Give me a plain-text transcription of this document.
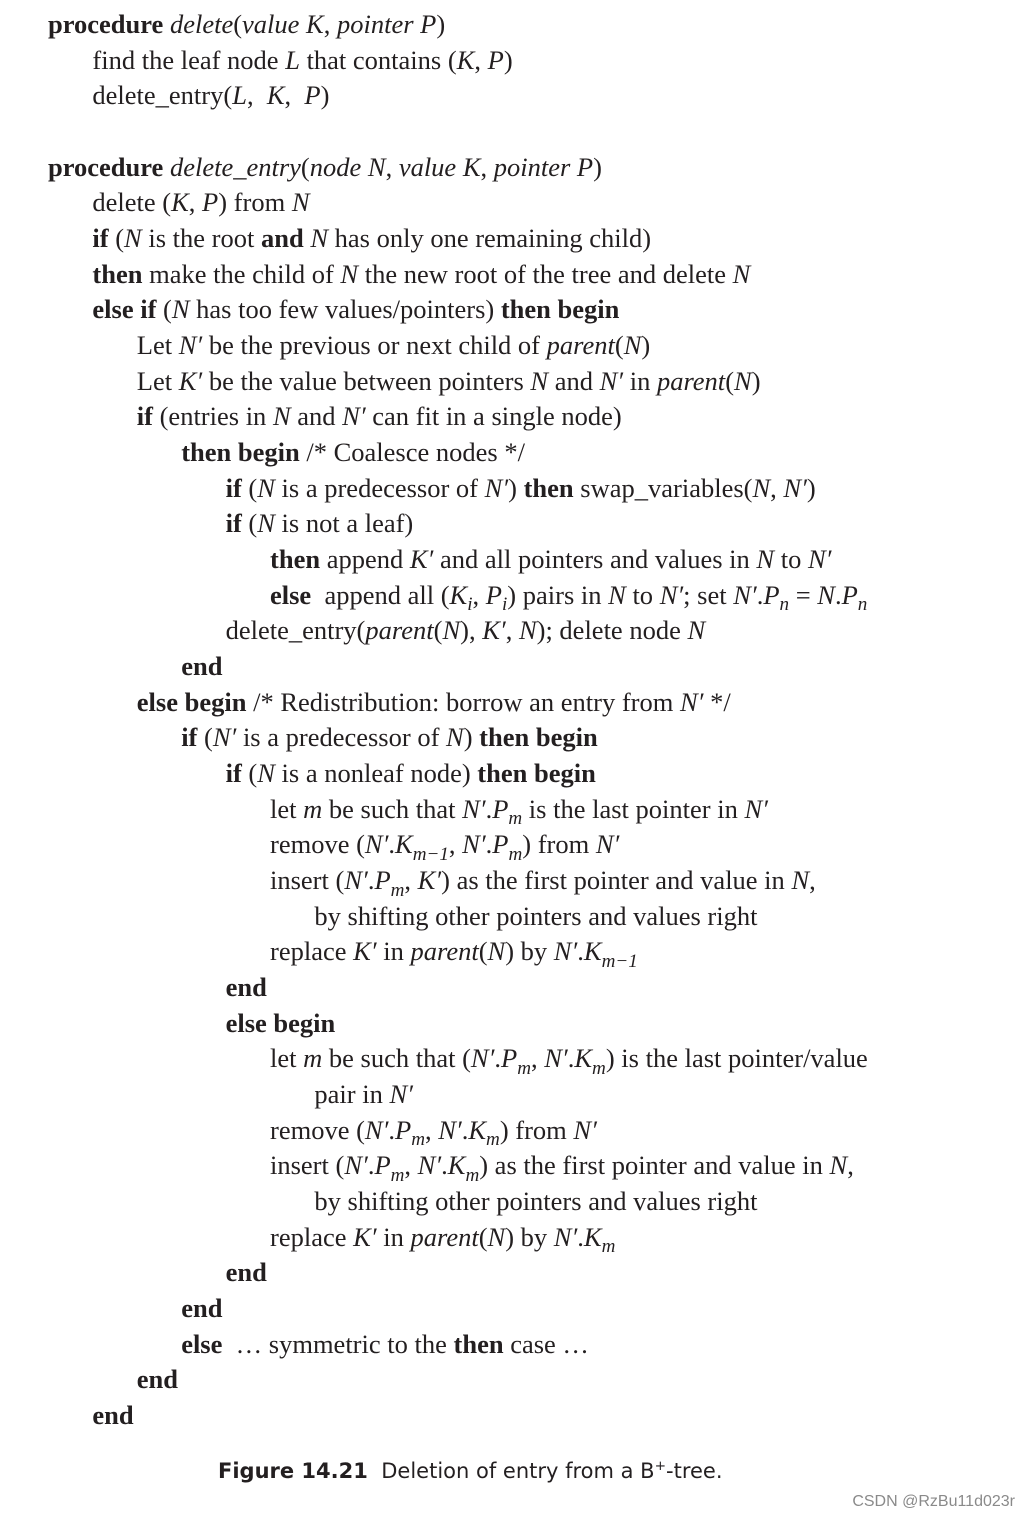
procedure delete(value K, pointer P)
find the leaf node L that contains (K, P)
delete_entry(L,  K,  P)
procedure delete_entry(node N, value K, pointer P)
delete (K, P) from N
if (N is the root and N has only one remaining child)
then make the child of N the new root of the tree and delete N
else if (N has too few values/pointers) then begin
Let N′ be the previous or next child of parent(N)
Let K′ be the value between pointers N and N′ in parent(N)
if (entries in N and N′ can fit in a single node)
then begin /* Coalesce nodes */
if (N is a predecessor of N′) then swap_variables(N, N′)
if (N is not a leaf)
then append K′ and all pointers and values in N to N′
else  append all ($K_i$, $P_i$) pairs in N to N′; set $N'.P_n = N.P_n$
delete_entry(parent(N), K′, N); delete node N
end
else begin /* Redistribution: borrow an entry from N′ */
if (N′ is a predecessor of N) then begin
if (N is a nonleaf node) then begin
let m be such that $N'.P_m$ is the last pointer in N′
remove ($N'.K_{m-1}$, $N'.P_m$) from N′
insert ($N'.P_m$, K′) as the first pointer and value in N,
by shifting other pointers and values right
replace K′ in parent(N) by $N'.K_{m-1}$
end
else begin
let m be such that ($N'.P_m$, $N'.K_m$) is the last pointer/value
pair in N′
remove ($N'.P_m$, $N'.K_m$) from N′
insert ($N'.P_m$, $N'.K_m$) as the first pointer and value in N,
by shifting other pointers and values right
replace K′ in parent(N) by $N'.K_m$
end
end
else  … symmetric to the then case …
end
end
Figure 14.21 Deletion of entry from a B+-tree.
CSDN @RzBu11d023r
